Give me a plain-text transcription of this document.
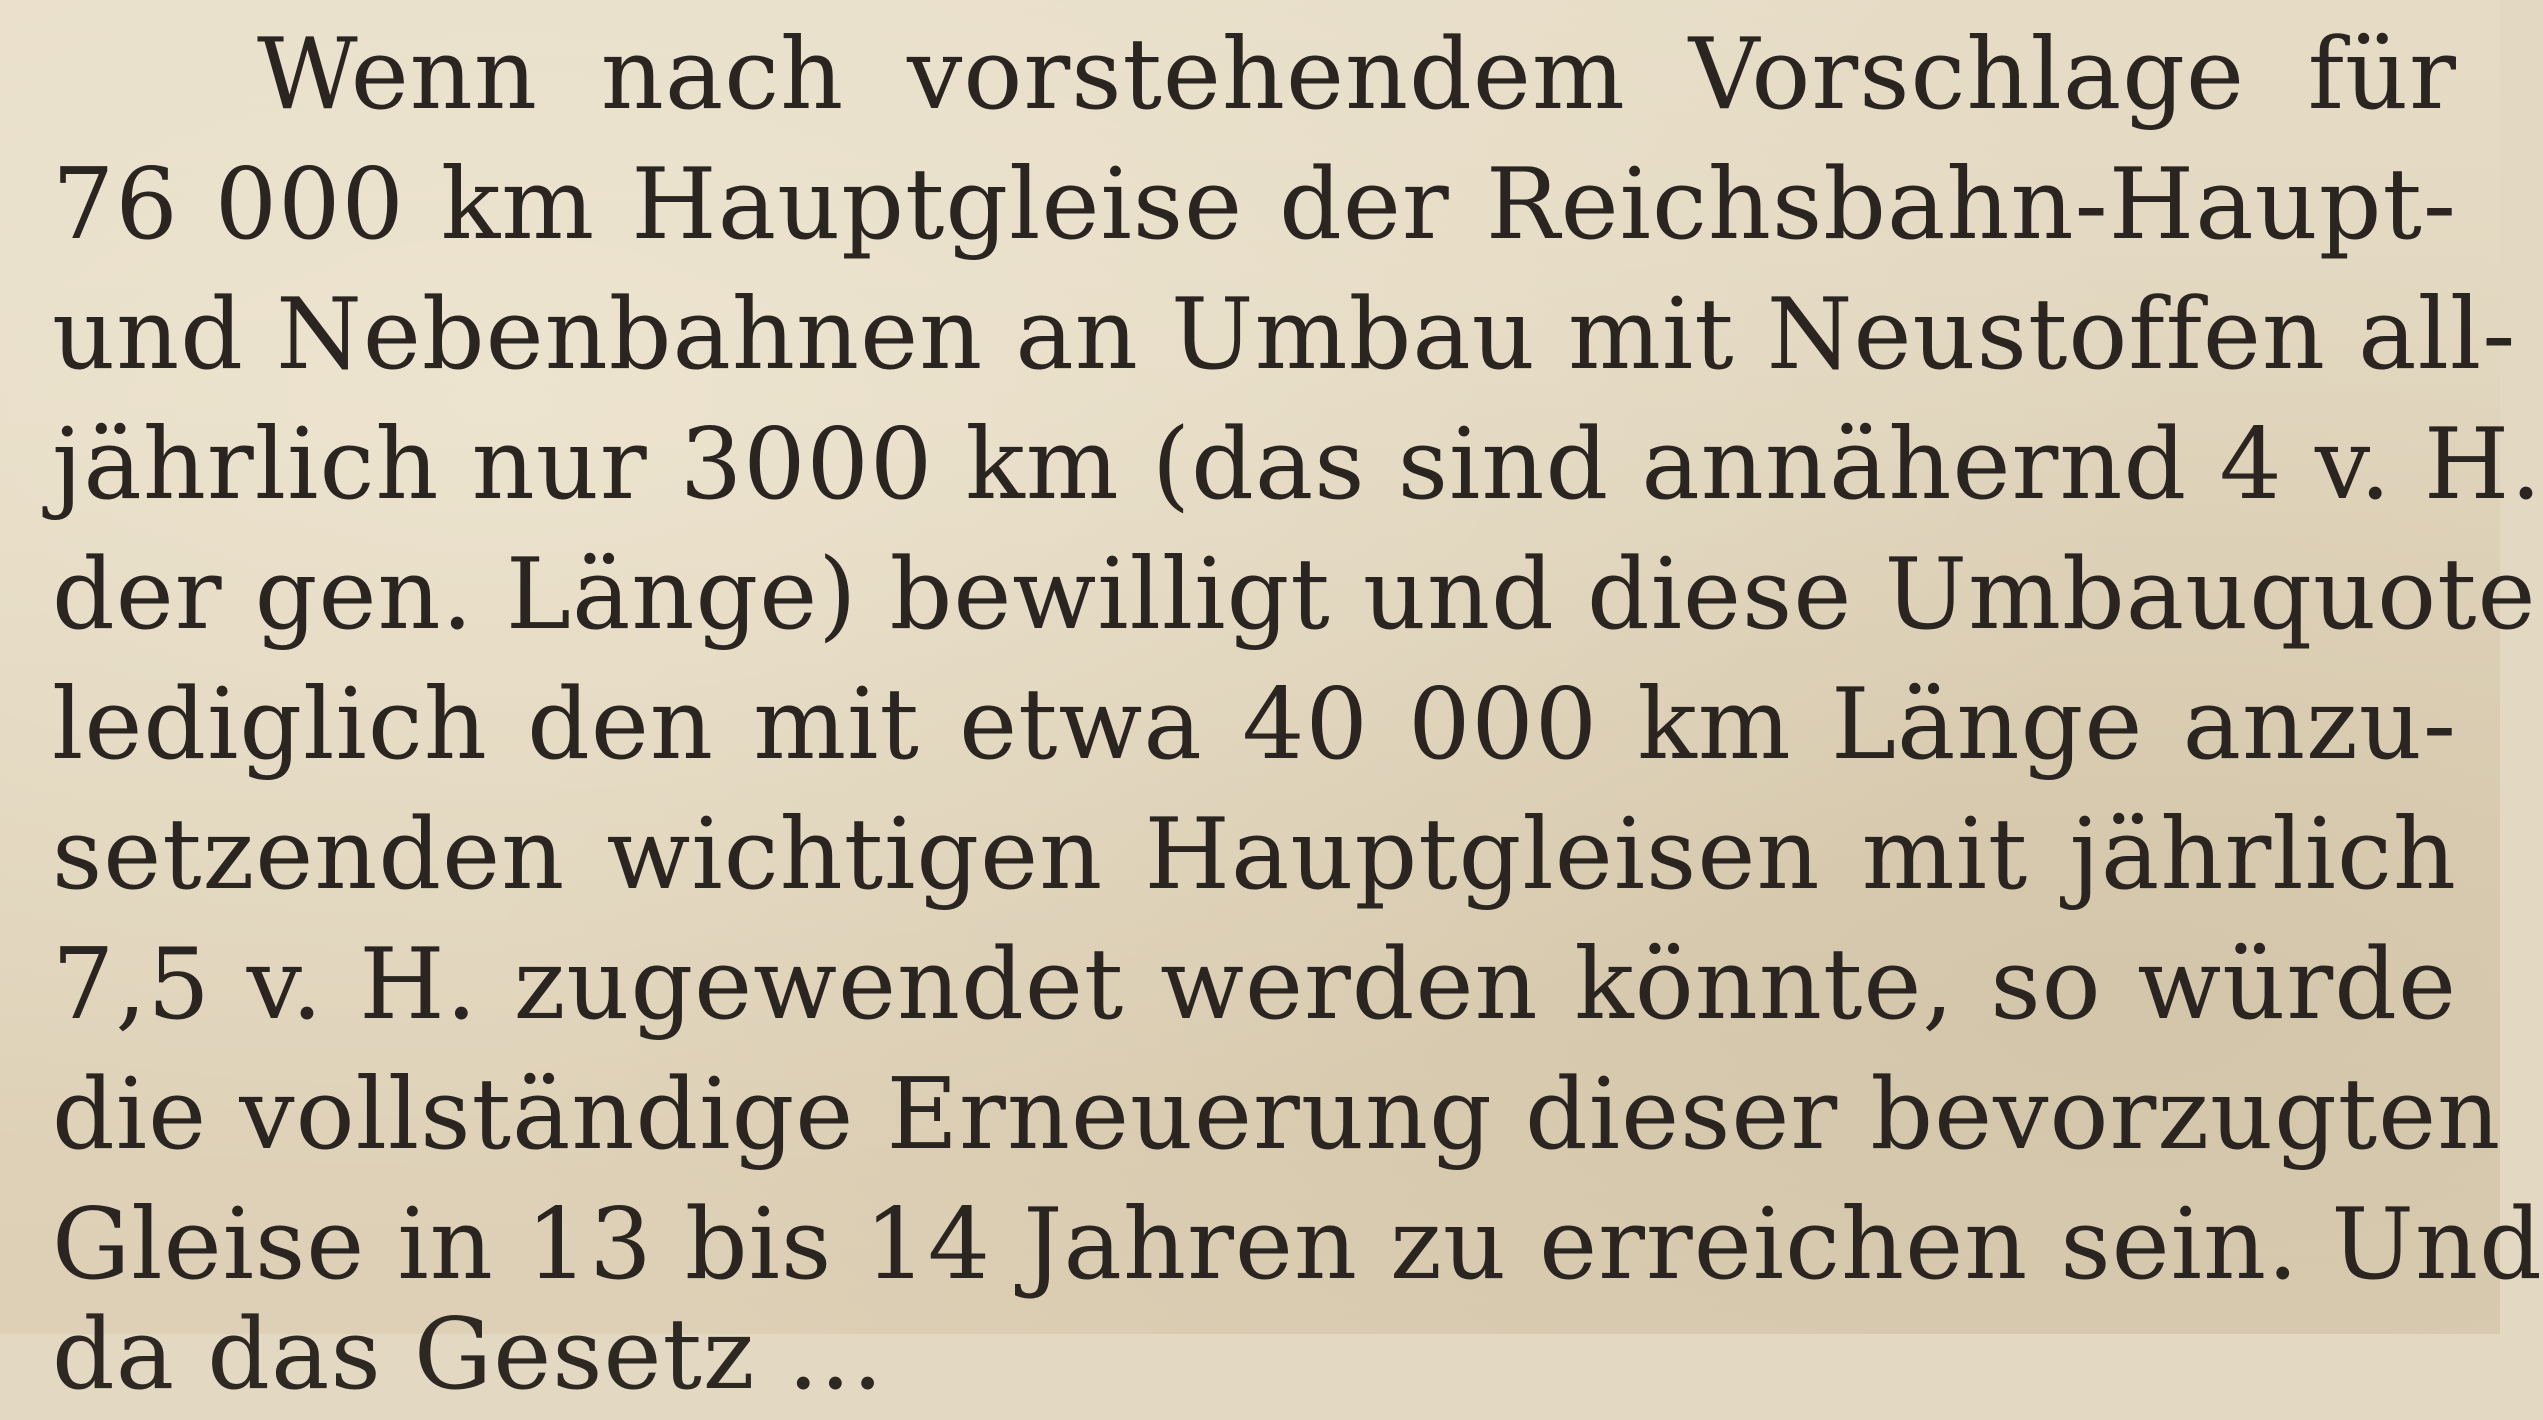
Wenn nach vorstehendem Vorschlage für
76 000 km Hauptgleise der Reichsbahn-Haupt-
und Nebenbahnen an Umbau mit Neustoffen all-
jährlich nur 3000 km (das sind annähernd 4 v. H.
der gen. Länge) bewilligt und diese Umbauquote
lediglich den mit etwa 40 000 km Länge anzu-
setzenden wichtigen Hauptgleisen mit jährlich
7,5 v. H. zugewendet werden könnte, so würde
die vollständige Erneuerung dieser bevorzugten
Gleise in 13 bis 14 Jahren zu erreichen sein. Und
da das Gesetz ...
